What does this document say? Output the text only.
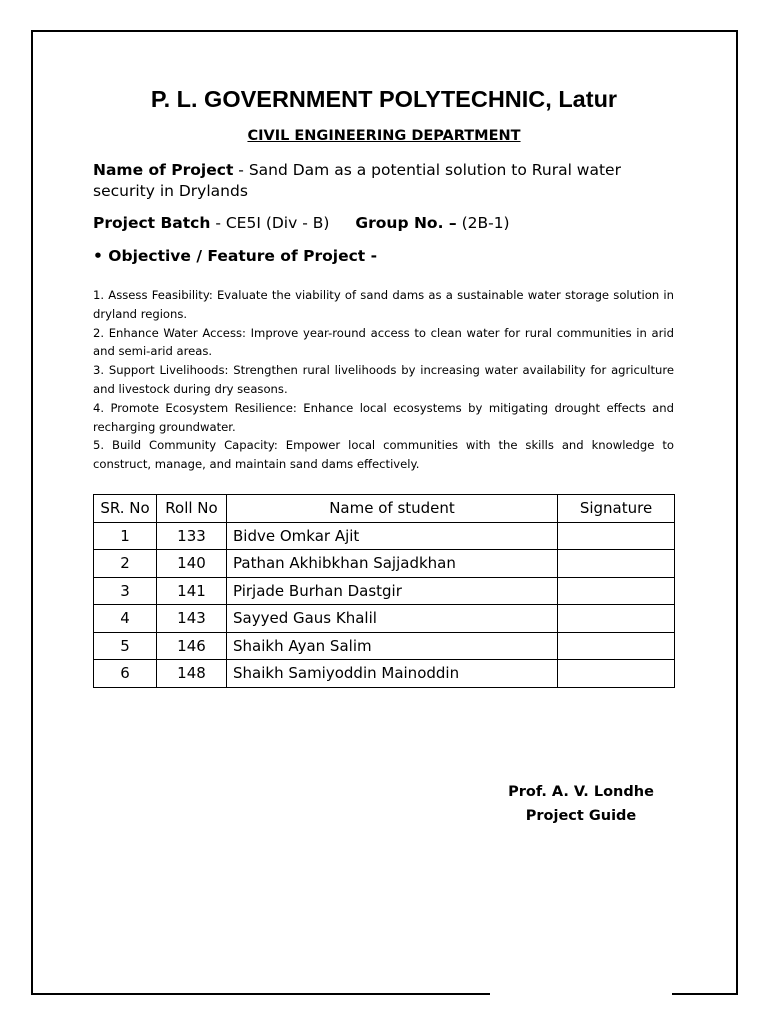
P. L. GOVERNMENT POLYTECHNIC, Latur
CIVIL ENGINEERING DEPARTMENT

Name of Project - Sand Dam as a potential solution to Rural water security in Drylands

Project Batch - CE5I (Div - B) Group No. – (2B-1)

• Objective / Feature of Project -

1. Assess Feasibility: Evaluate the viability of sand dams as a sustainable water storage solution in dryland regions.
2. Enhance Water Access: Improve year-round access to clean water for rural communities in arid and semi-arid areas.
3. Support Livelihoods: Strengthen rural livelihoods by increasing water availability for agriculture and livestock during dry seasons.
4. Promote Ecosystem Resilience: Enhance local ecosystems by mitigating drought effects and recharging groundwater.
5. Build Community Capacity: Empower local communities with the skills and knowledge to construct, manage, and maintain sand dams effectively.
SR. No	Roll No	Name of student	Signature
1	133	Bidve Omkar Ajit	
2	140	Pathan Akhibkhan Sajjadkhan	
3	141	Pirjade Burhan Dastgir	
4	143	Sayyed Gaus Khalil	
5	146	Shaikh Ayan Salim	
6	148	Shaikh Samiyoddin Mainoddin	
Prof. A. V. Londhe
Project Guide
